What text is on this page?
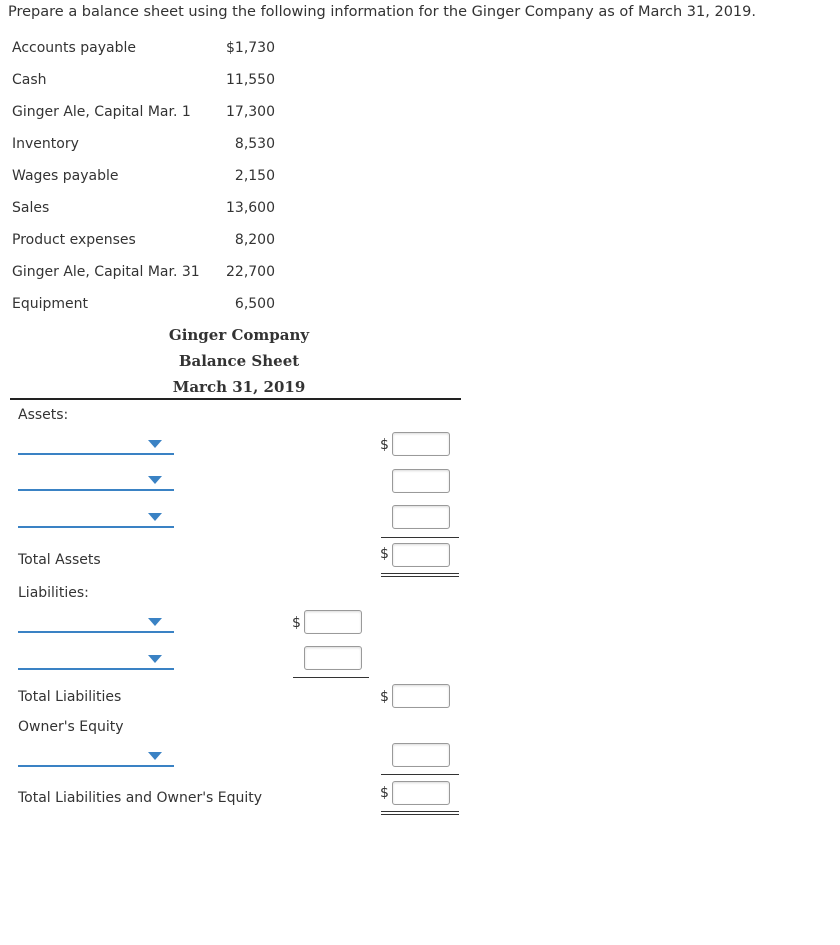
Prepare a balance sheet using the following information for the Ginger Company as of March 31, 2019.
Accounts payable	$1,730
Cash	11,550
Ginger Ale, Capital Mar. 1	17,300
Inventory	8,530
Wages payable	2,150
Sales	13,600
Product expenses	8,200
Ginger Ale, Capital Mar. 31	22,700
Equipment	6,500
Ginger Company
Balance Sheet
March 31, 2019
Assets:
$
Total Assets	$
Liabilities:
$
Total Liabilities	$
Owner's Equity
Total Liabilities and Owner's Equity	$
